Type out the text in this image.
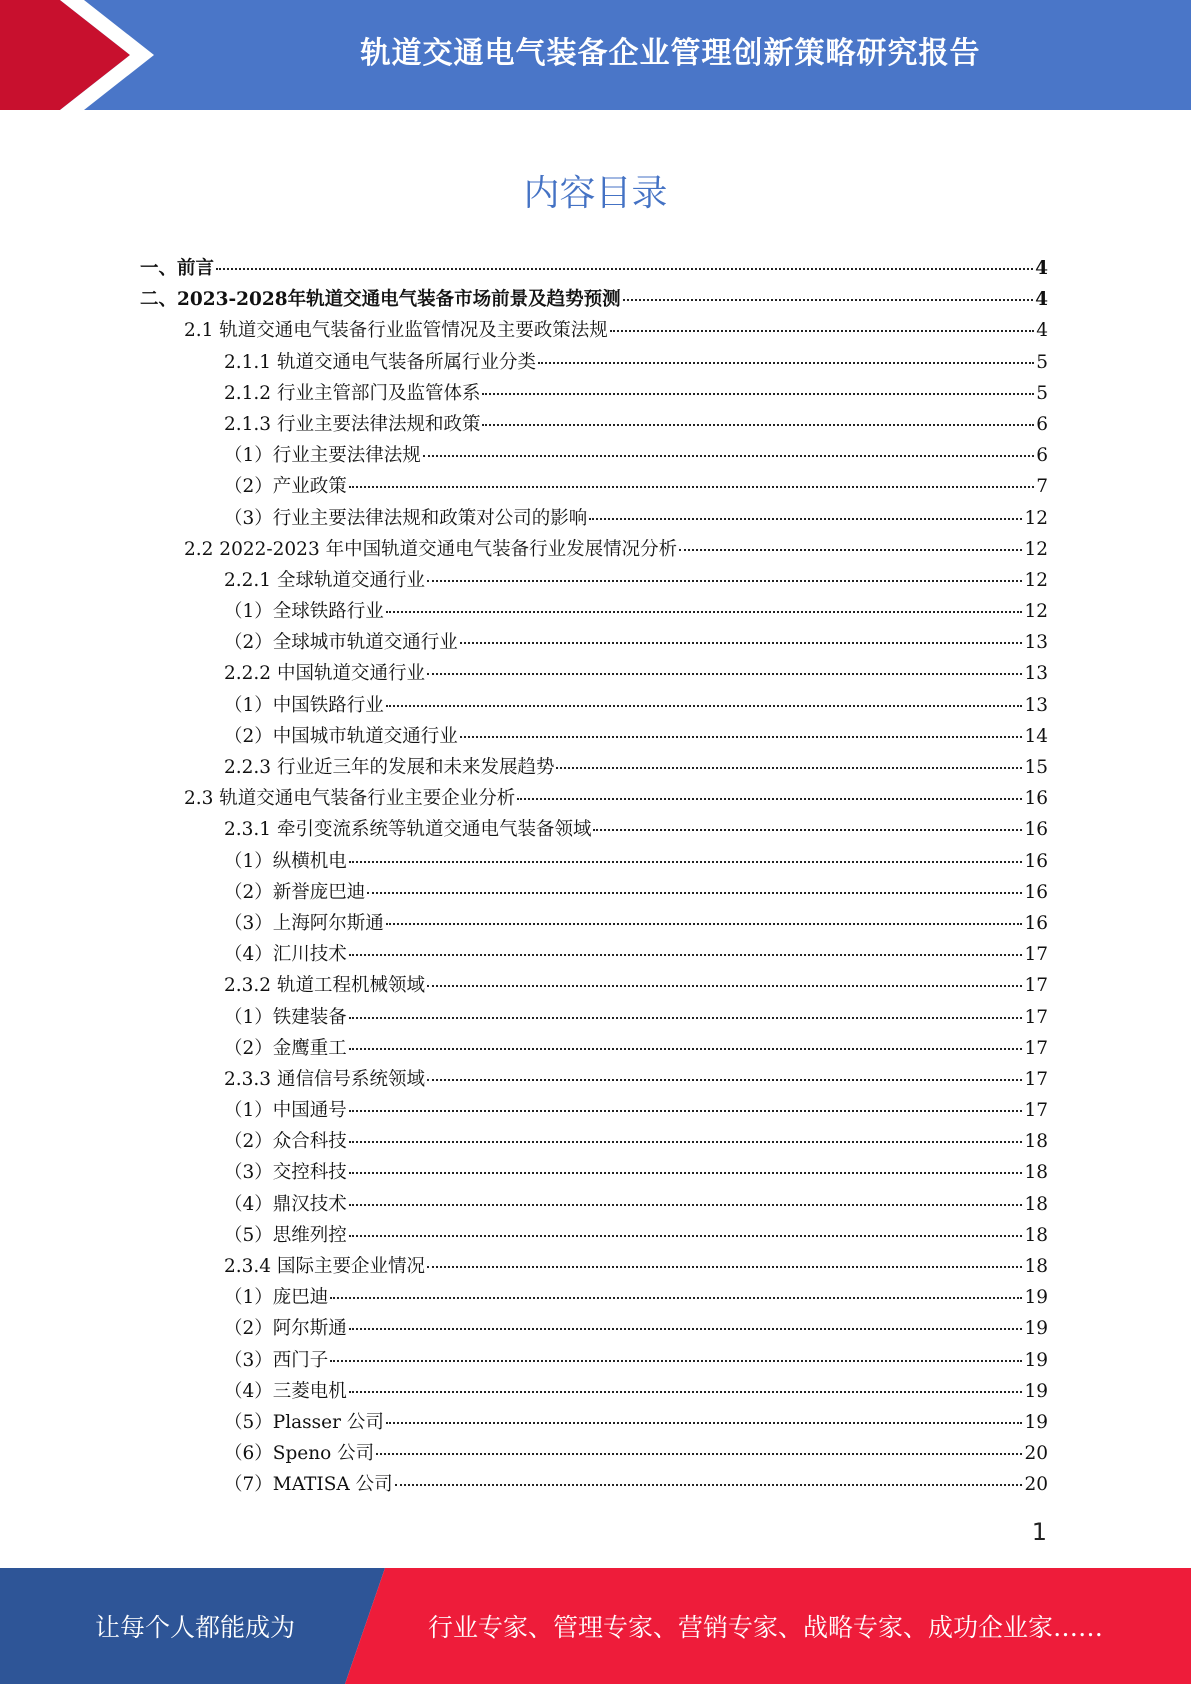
轨道交通电气装备企业管理创新策略研究报告
内容目录
一、前言	4
二、2023-2028年轨道交通电气装备市场前景及趋势预测	4
2.1 轨道交通电气装备行业监管情况及主要政策法规	4
2.1.1 轨道交通电气装备所属行业分类	5
2.1.2 行业主管部门及监管体系	5
2.1.3 行业主要法律法规和政策	6
（1）行业主要法律法规	6
（2）产业政策	7
（3）行业主要法律法规和政策对公司的影响	12
2.2 2022-2023 年中国轨道交通电气装备行业发展情况分析	12
2.2.1 全球轨道交通行业	12
（1）全球铁路行业	12
（2）全球城市轨道交通行业	13
2.2.2 中国轨道交通行业	13
（1）中国铁路行业	13
（2）中国城市轨道交通行业	14
2.2.3 行业近三年的发展和未来发展趋势	15
2.3 轨道交通电气装备行业主要企业分析	16
2.3.1 牵引变流系统等轨道交通电气装备领域	16
（1）纵横机电	16
（2）新誉庞巴迪	16
（3）上海阿尔斯通	16
（4）汇川技术	17
2.3.2 轨道工程机械领域	17
（1）铁建装备	17
（2）金鹰重工	17
2.3.3 通信信号系统领域	17
（1）中国通号	17
（2）众合科技	18
（3）交控科技	18
（4）鼎汉技术	18
（5）思维列控	18
2.3.4 国际主要企业情况	18
（1）庞巴迪	19
（2）阿尔斯通	19
（3）西门子	19
（4）三菱电机	19
（5）Plasser 公司	19
（6）Speno 公司	20
（7）MATISA 公司	20
1
让每个人都能成为	行业专家、管理专家、营销专家、战略专家、成功企业家……
